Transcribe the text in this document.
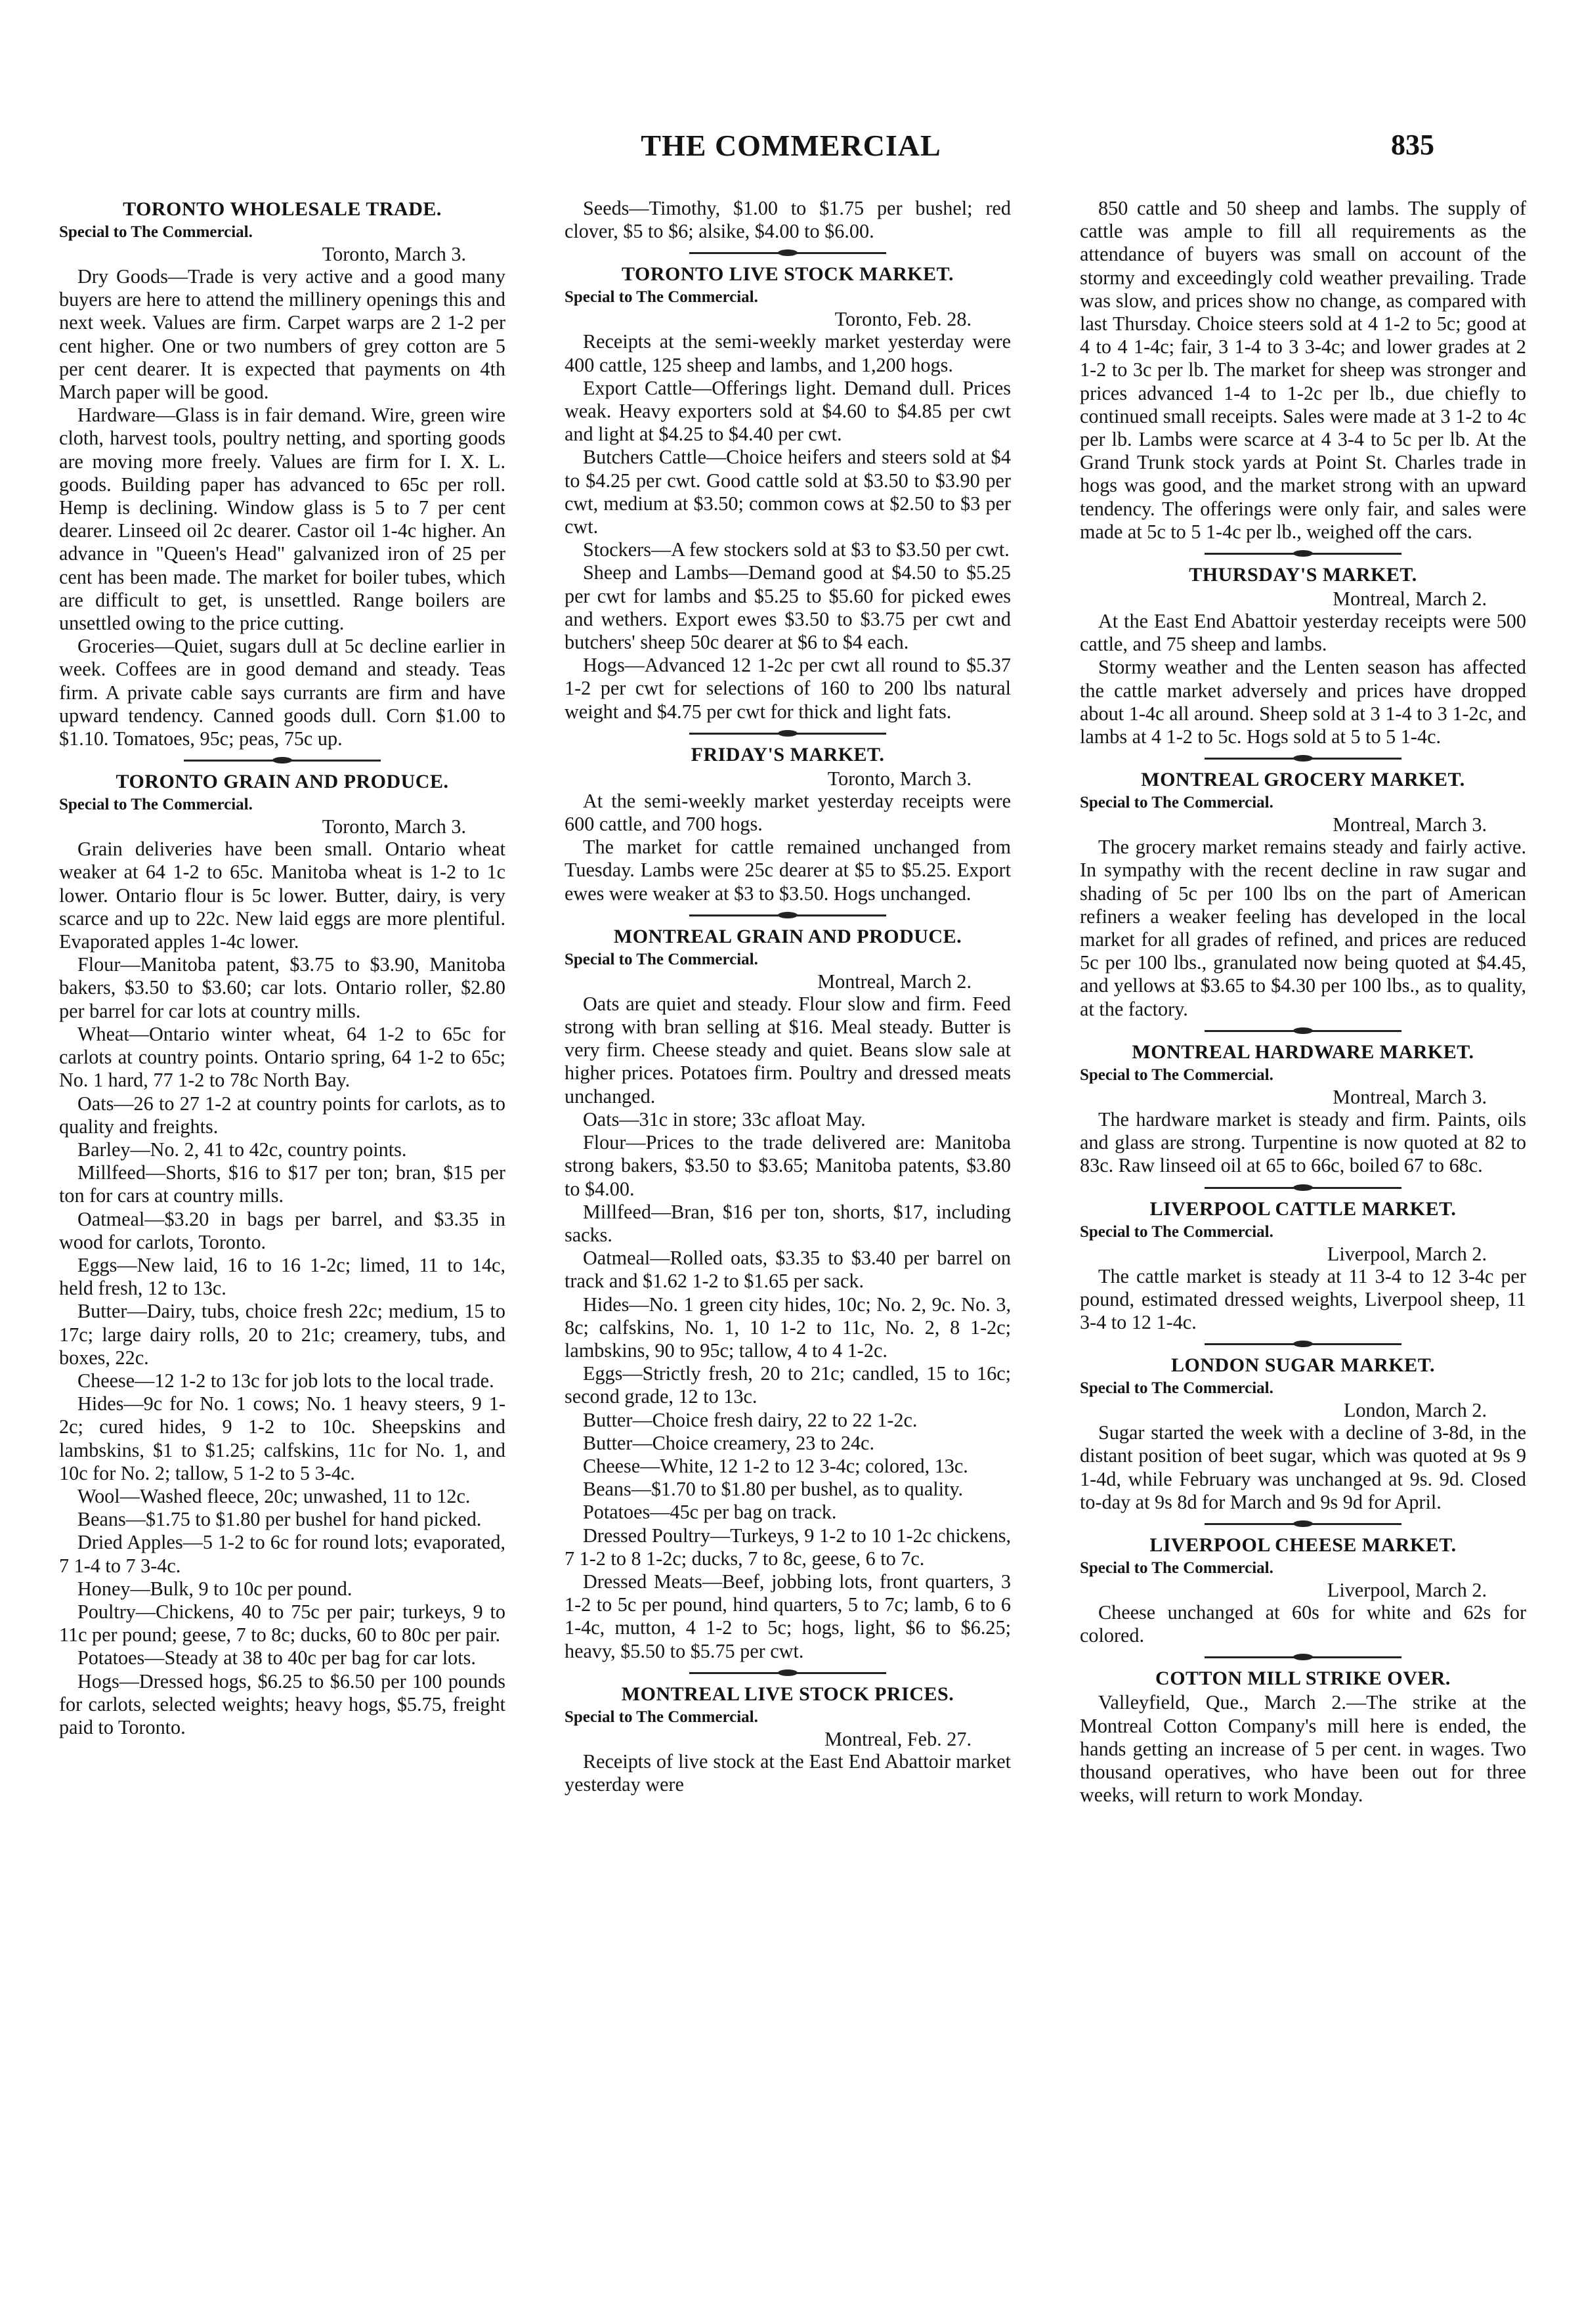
THE COMMERCIAL	835
TORONTO WHOLESALE TRADE.
Special to The Commercial.
Toronto, March 3.

Dry Goods—Trade is very active and a good many buyers are here to attend the millinery openings this and next week. Values are firm. Carpet warps are 2 1-2 per cent higher. One or two numbers of grey cotton are 5 per cent dearer. It is expected that payments on 4th March paper will be good.

Hardware—Glass is in fair demand. Wire, green wire cloth, harvest tools, poultry netting, and sporting goods are moving more freely. Values are firm for I. X. L. goods. Building paper has advanced to 65c per roll. Hemp is declining. Window glass is 5 to 7 per cent dearer. Linseed oil 2c dearer. Castor oil 1-4c higher. An advance in "Queen's Head" galvanized iron of 25 per cent has been made. The market for boiler tubes, which are difficult to get, is unsettled. Range boilers are unsettled owing to the price cutting.

Groceries—Quiet, sugars dull at 5c decline earlier in week. Coffees are in good demand and steady. Teas firm. A private cable says currants are firm and have upward tendency. Canned goods dull. Corn $1.00 to $1.10. Tomatoes, 95c; peas, 75c up.

TORONTO GRAIN AND PRODUCE.
Special to The Commercial.
Toronto, March 3.

Grain deliveries have been small. Ontario wheat weaker at 64 1-2 to 65c. Manitoba wheat is 1-2 to 1c lower. Ontario flour is 5c lower. Butter, dairy, is very scarce and up to 22c. New laid eggs are more plentiful. Evaporated apples 1-4c lower.

Flour—Manitoba patent, $3.75 to $3.90, Manitoba bakers, $3.50 to $3.60; car lots. Ontario roller, $2.80 per barrel for car lots at country mills.

Wheat—Ontario winter wheat, 64 1-2 to 65c for carlots at country points. Ontario spring, 64 1-2 to 65c; No. 1 hard, 77 1-2 to 78c North Bay.

Oats—26 to 27 1-2 at country points for carlots, as to quality and freights.

Barley—No. 2, 41 to 42c, country points.

Millfeed—Shorts, $16 to $17 per ton; bran, $15 per ton for cars at country mills.

Oatmeal—$3.20 in bags per barrel, and $3.35 in wood for carlots, Toronto.

Eggs—New laid, 16 to 16 1-2c; limed, 11 to 14c, held fresh, 12 to 13c.

Butter—Dairy, tubs, choice fresh 22c; medium, 15 to 17c; large dairy rolls, 20 to 21c; creamery, tubs, and boxes, 22c.

Cheese—12 1-2 to 13c for job lots to the local trade.

Hides—9c for No. 1 cows; No. 1 heavy steers, 9 1-2c; cured hides, 9 1-2 to 10c. Sheepskins and lambskins, $1 to $1.25; calfskins, 11c for No. 1, and 10c for No. 2; tallow, 5 1-2 to 5 3-4c.

Wool—Washed fleece, 20c; unwashed, 11 to 12c.

Beans—$1.75 to $1.80 per bushel for hand picked.

Dried Apples—5 1-2 to 6c for round lots; evaporated, 7 1-4 to 7 3-4c.

Honey—Bulk, 9 to 10c per pound.

Poultry—Chickens, 40 to 75c per pair; turkeys, 9 to 11c per pound; geese, 7 to 8c; ducks, 60 to 80c per pair.

Potatoes—Steady at 38 to 40c per bag for car lots.

Hogs—Dressed hogs, $6.25 to $6.50 per 100 pounds for carlots, selected weights; heavy hogs, $5.75, freight paid to Toronto.

Seeds—Timothy, $1.00 to $1.75 per bushel; red clover, $5 to $6; alsike, $4.00 to $6.00.

TORONTO LIVE STOCK MARKET.
Special to The Commercial.
Toronto, Feb. 28.

Receipts at the semi-weekly market yesterday were 400 cattle, 125 sheep and lambs, and 1,200 hogs.

Export Cattle—Offerings light. Demand dull. Prices weak. Heavy exporters sold at $4.60 to $4.85 per cwt and light at $4.25 to $4.40 per cwt.

Butchers Cattle—Choice heifers and steers sold at $4 to $4.25 per cwt. Good cattle sold at $3.50 to $3.90 per cwt, medium at $3.50; common cows at $2.50 to $3 per cwt.

Stockers—A few stockers sold at $3 to $3.50 per cwt.

Sheep and Lambs—Demand good at $4.50 to $5.25 per cwt for lambs and $5.25 to $5.60 for picked ewes and wethers. Export ewes $3.50 to $3.75 per cwt and butchers' sheep 50c dearer at $6 to $4 each.

Hogs—Advanced 12 1-2c per cwt all round to $5.37 1-2 per cwt for selections of 160 to 200 lbs natural weight and $4.75 per cwt for thick and light fats.

FRIDAY'S MARKET.
Toronto, March 3.

At the semi-weekly market yesterday receipts were 600 cattle, and 700 hogs.

The market for cattle remained unchanged from Tuesday. Lambs were 25c dearer at $5 to $5.25. Export ewes were weaker at $3 to $3.50. Hogs unchanged.

MONTREAL GRAIN AND PRODUCE.
Special to The Commercial.
Montreal, March 2.

Oats are quiet and steady. Flour slow and firm. Feed strong with bran selling at $16. Meal steady. Butter is very firm. Cheese steady and quiet. Beans slow sale at higher prices. Potatoes firm. Poultry and dressed meats unchanged.

Oats—31c in store; 33c afloat May.

Flour—Prices to the trade delivered are: Manitoba strong bakers, $3.50 to $3.65; Manitoba patents, $3.80 to $4.00.

Millfeed—Bran, $16 per ton, shorts, $17, including sacks.

Oatmeal—Rolled oats, $3.35 to $3.40 per barrel on track and $1.62 1-2 to $1.65 per sack.

Hides—No. 1 green city hides, 10c; No. 2, 9c. No. 3, 8c; calfskins, No. 1, 10 1-2 to 11c, No. 2, 8 1-2c; lambskins, 90 to 95c; tallow, 4 to 4 1-2c.

Eggs—Strictly fresh, 20 to 21c; candled, 15 to 16c; second grade, 12 to 13c.

Butter—Choice fresh dairy, 22 to 22 1-2c.

Butter—Choice creamery, 23 to 24c.

Cheese—White, 12 1-2 to 12 3-4c; colored, 13c.

Beans—$1.70 to $1.80 per bushel, as to quality.

Potatoes—45c per bag on track.

Dressed Poultry—Turkeys, 9 1-2 to 10 1-2c chickens, 7 1-2 to 8 1-2c; ducks, 7 to 8c, geese, 6 to 7c.

Dressed Meats—Beef, jobbing lots, front quarters, 3 1-2 to 5c per pound, hind quarters, 5 to 7c; lamb, 6 to 6 1-4c, mutton, 4 1-2 to 5c; hogs, light, $6 to $6.25; heavy, $5.50 to $5.75 per cwt.

MONTREAL LIVE STOCK PRICES.
Special to The Commercial.
Montreal, Feb. 27.

Receipts of live stock at the East End Abattoir market yesterday were

850 cattle and 50 sheep and lambs. The supply of cattle was ample to fill all requirements as the attendance of buyers was small on account of the stormy and exceedingly cold weather prevailing. Trade was slow, and prices show no change, as compared with last Thursday. Choice steers sold at 4 1-2 to 5c; good at 4 to 4 1-4c; fair, 3 1-4 to 3 3-4c; and lower grades at 2 1-2 to 3c per lb. The market for sheep was stronger and prices advanced 1-4 to 1-2c per lb., due chiefly to continued small receipts. Sales were made at 3 1-2 to 4c per lb. Lambs were scarce at 4 3-4 to 5c per lb. At the Grand Trunk stock yards at Point St. Charles trade in hogs was good, and the market strong with an upward tendency. The offerings were only fair, and sales were made at 5c to 5 1-4c per lb., weighed off the cars.

THURSDAY'S MARKET.
Montreal, March 2.

At the East End Abattoir yesterday receipts were 500 cattle, and 75 sheep and lambs.

Stormy weather and the Lenten season has affected the cattle market adversely and prices have dropped about 1-4c all around. Sheep sold at 3 1-4 to 3 1-2c, and lambs at 4 1-2 to 5c. Hogs sold at 5 to 5 1-4c.

MONTREAL GROCERY MARKET.
Special to The Commercial.
Montreal, March 3.

The grocery market remains steady and fairly active. In sympathy with the recent decline in raw sugar and shading of 5c per 100 lbs on the part of American refiners a weaker feeling has developed in the local market for all grades of refined, and prices are reduced 5c per 100 lbs., granulated now being quoted at $4.45, and yellows at $3.65 to $4.30 per 100 lbs., as to quality, at the factory.

MONTREAL HARDWARE MARKET.
Special to The Commercial.
Montreal, March 3.

The hardware market is steady and firm. Paints, oils and glass are strong. Turpentine is now quoted at 82 to 83c. Raw linseed oil at 65 to 66c, boiled 67 to 68c.

LIVERPOOL CATTLE MARKET.
Special to The Commercial.
Liverpool, March 2.

The cattle market is steady at 11 3-4 to 12 3-4c per pound, estimated dressed weights, Liverpool sheep, 11 3-4 to 12 1-4c.

LONDON SUGAR MARKET.
Special to The Commercial.
London, March 2.

Sugar started the week with a decline of 3-8d, in the distant position of beet sugar, which was quoted at 9s 9 1-4d, while February was unchanged at 9s. 9d. Closed to-day at 9s 8d for March and 9s 9d for April.

LIVERPOOL CHEESE MARKET.
Special to The Commercial.
Liverpool, March 2.

Cheese unchanged at 60s for white and 62s for colored.

COTTON MILL STRIKE OVER.

Valleyfield, Que., March 2.—The strike at the Montreal Cotton Company's mill here is ended, the hands getting an increase of 5 per cent. in wages. Two thousand operatives, who have been out for three weeks, will return to work Monday.
